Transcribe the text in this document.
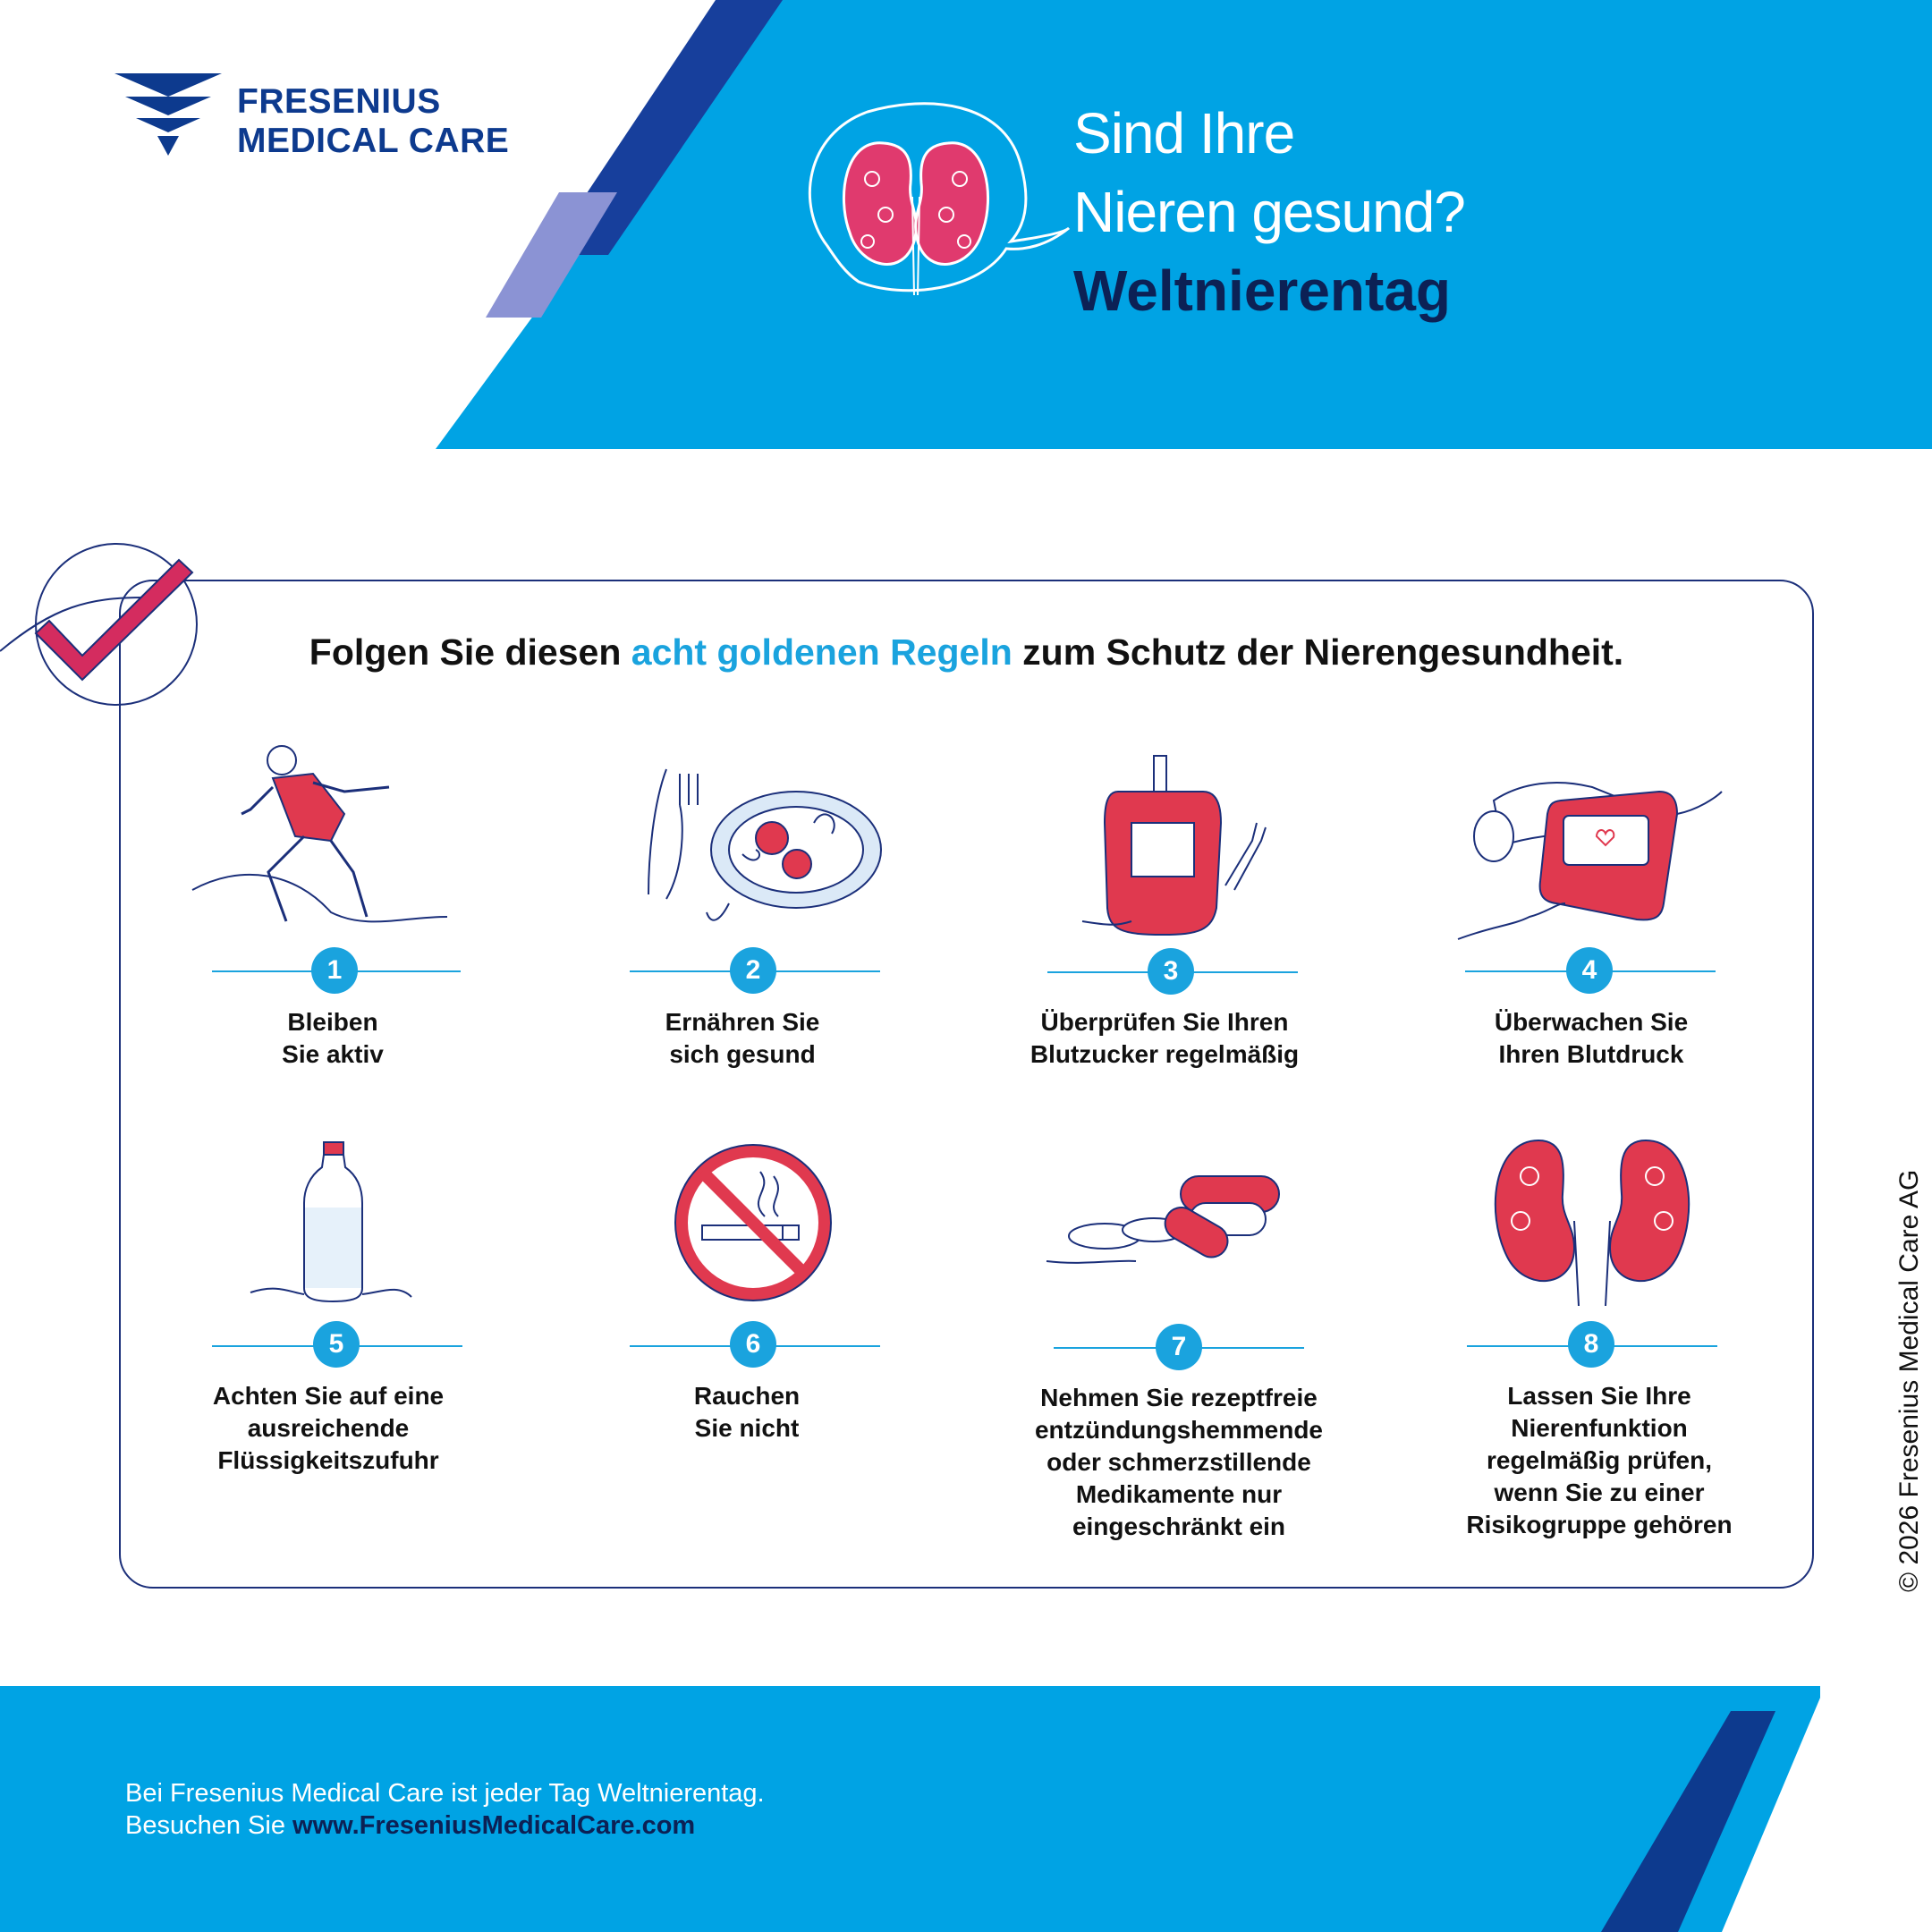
FRESENIUS
MEDICAL CARE	Sind Ihre
Nieren gesund?
Weltnierentag
Folgen Sie diesen acht goldenen Regeln zum Schutz der Nierengesundheit.
1
Bleiben
Sie aktiv
2
Ernähren Sie
sich gesund
3
Überprüfen Sie Ihren
Blutzucker regelmäßig
4
Überwachen Sie
Ihren Blutdruck
5
Achten Sie auf eine
ausreichende
Flüssigkeitszufuhr
6
Rauchen
Sie nicht
7
Nehmen Sie rezeptfreie
entzündungshemmende
oder schmerzstillende
Medikamente nur
eingeschränkt ein
8
Lassen Sie Ihre
Nierenfunktion
regelmäßig prüfen,
wenn Sie zu einer
Risikogruppe gehören	© 2026 Fresenius Medical Care AG
Bei Fresenius Medical Care ist jeder Tag Weltnierentag.
Besuchen Sie www.FreseniusMedicalCare.com
